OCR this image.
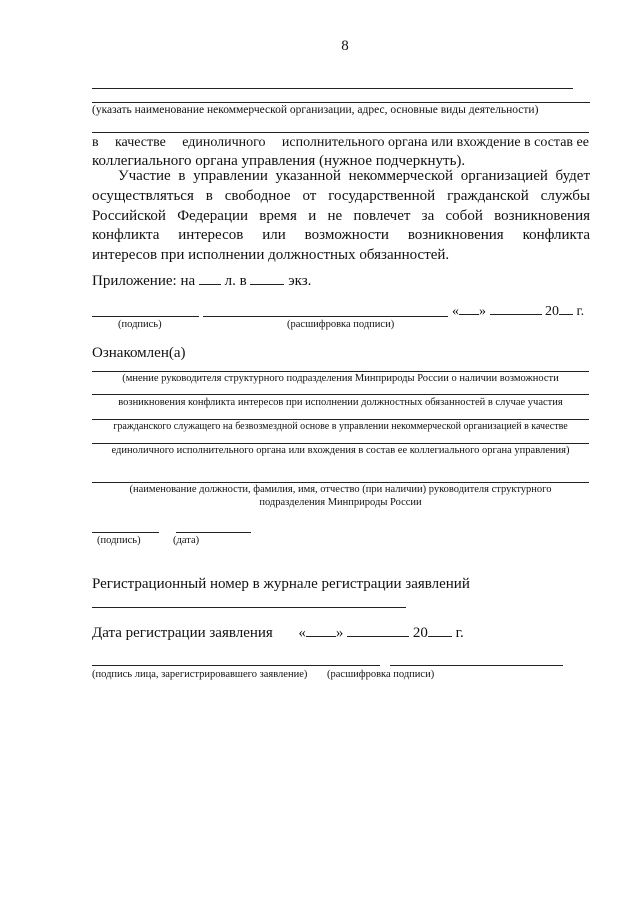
8
(указать наименование некоммерческой организации, адрес, основные виды деятельности)
в качестве единоличного исполнительного органа или вхождение в состав ее
коллегиального органа управления (нужное подчеркнуть).
Участие в управлении указанной некоммерческой организацией будет
осуществляться в свободное от государственной гражданской службы
Российской Федерации время и не повлечет за собой возникновения
конфликта интересов или возможности возникновения конфликта
интересов при исполнении должностных обязанностей.
Приложение: на л. в	экз.
« »	20 г.
(подпись)	(расшифровка подписи)
Ознакомлен(а)
(мнение руководителя структурного подразделения Минприроды России о наличии возможности
возникновения конфликта интересов при исполнении должностных обязанностей в случае участия
гражданского служащего на безвозмездной основе в управлении некоммерческой организацией в качестве
единоличного исполнительного органа или вхождения в состав ее коллегиального органа управления)
(наименование должности, фамилия, имя, отчество (при наличии) руководителя структурного
подразделения Минприроды России
(подпись)	(дата)
Регистрационный номер в журнале регистрации заявлений
Дата регистрации заявления « »	20 г.
(подпись лица, зарегистрировавшего заявление) (расшифровка подписи)
